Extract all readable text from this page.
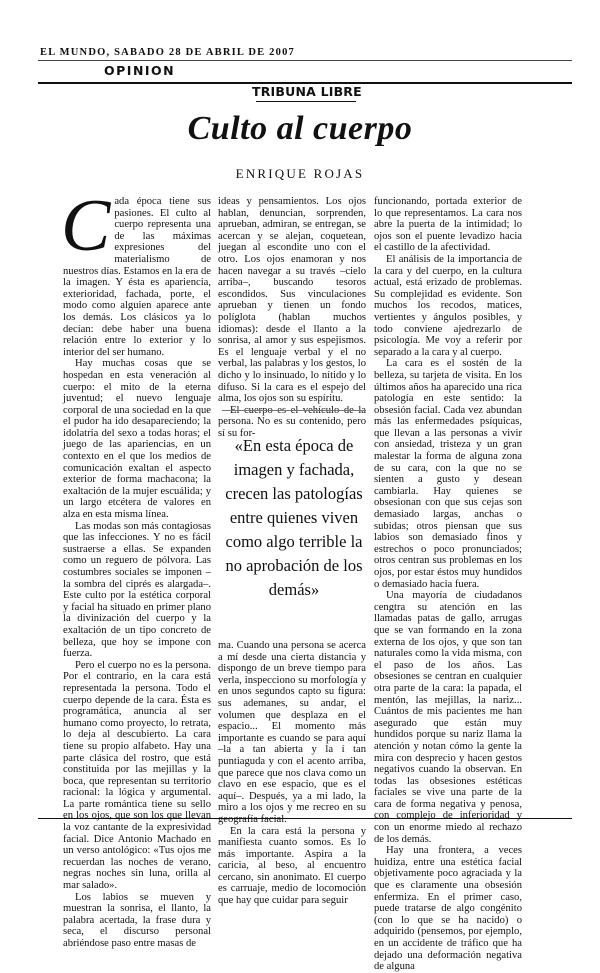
EL MUNDO, SABADO 28 DE ABRIL DE 2007
OPINION
TRIBUNA LIBRE
Culto al cuerpo
ENRIQUE ROJAS

Cada época tiene sus pasiones. El culto al cuerpo representa una de las máximas expresiones del materialismo de nuestros días. Estamos en la era de la imagen. Y ésta es apariencia, exterioridad, fachada, porte, el modo como alguien aparece ante los demás. Los clásicos ya lo decían: debe haber una buena relación entre lo exterior y lo interior del ser humano.

Hay muchas cosas que se hospedan en esta veneración al cuerpo: el mito de la eterna juventud; el nuevo lenguaje corporal de una sociedad en la que el pudor ha ido desapareciendo; la idolatría del sexo a todas horas; el juego de las apariencias, en un contexto en el que los medios de comunicación exaltan el aspecto exterior de forma machacona; la exaltación de la mujer escuálida; y un largo etcétera de valores en alza en esta misma línea.

Las modas son más contagiosas que las infecciones. Y no es fácil sustraerse a ellas. Se expanden como un reguero de pólvora. Las costumbres sociales se imponen –la sombra del ciprés es alargada–. Este culto por la estética corporal y facial ha situado en primer plano la divinización del cuerpo y la exaltación de un tipo concreto de belleza, que hoy se impone con fuerza.

Pero el cuerpo no es la persona. Por el contrario, en la cara está representada la persona. Todo el cuerpo depende de la cara. Ésta es programática, anuncia al ser humano como proyecto, lo retrata, lo deja al descubierto. La cara tiene su propio alfabeto. Hay una parte clásica del rostro, que está constituida por las mejillas y la boca, que representan su territorio racional: la lógica y argumental. La parte romántica tiene su sello en los ojos, que son los que llevan la voz cantante de la expresividad facial. Dice Antonio Machado en un verso antológico: «Tus ojos me recuerdan las noches de verano, negras noches sin luna, orilla al mar salado».

Los labios se mueven y muestran la sonrisa, el llanto, la palabra acertada, la frase dura y seca, el discurso personal abriéndose paso entre masas de

ideas y pensamientos. Los ojos hablan, denuncian, sorprenden, aprueban, admiran, se entregan, se acercan y se alejan, coquetean, juegan al escondite uno con el otro. Los ojos enamoran y nos hacen navegar a su través –cielo arriba–, buscando tesoros escondidos. Sus vinculaciones aprueban y tienen un fondo políglota (hablan muchos idiomas): desde el llanto a la sonrisa, al amor y sus espejismos. Es el lenguaje verbal y el no verbal, las palabras y los gestos, lo dicho y lo insinuado, lo nítido y lo difuso. Si la cara es el espejo del alma, los ojos son su espíritu.

El cuerpo es el vehículo de la persona. No es su contenido, pero sí su for-

«En esta época de imagen y fachada, crecen las patologías entre quienes viven como algo terrible la no aprobación de los demás»

ma. Cuando una persona se acerca a mí desde una cierta distancia y dispongo de un breve tiempo para verla, inspecciono su morfología y en unos segundos capto su figura: sus ademanes, su andar, el volumen que desplaza en el espacio... El momento más importante es cuando se para aquí –la a tan abierta y la í tan puntiaguda y con el acento arriba, que parece que nos clava como un clavo en ese espacio, que es el aquí–. Después, ya a mi lado, la miro a los ojos y me recreo en su geografía facial.

En la cara está la persona y manifiesta cuanto somos. Es lo más importante. Aspira a la caricia, al beso, al encuentro cercano, sin anonimato. El cuerpo es carruaje, medio de locomoción que hay que cuidar para seguir

funcionando, portada exterior de lo que representamos. La cara nos abre la puerta de la intimidad; lo ojos son el puente levadizo hacia el castillo de la afectividad.

El análisis de la importancia de la cara y del cuerpo, en la cultura actual, está erizado de problemas. Su complejidad es evidente. Son muchos los recodos, matices, vertientes y ángulos posibles, y todo conviene ajedrezarlo de psicología. Me voy a referir por separado a la cara y al cuerpo.

La cara es el sostén de la belleza, su tarjeta de visita. En los últimos años ha aparecido una rica patología en este sentido: la obsesión facial. Cada vez abundan más las enfermedades psíquicas, que llevan a las personas a vivir con ansiedad, tristeza y un gran malestar la forma de alguna zona de su cara, con la que no se sienten a gusto y desean cambiarla. Hay quienes se obsesionan con que sus cejas son demasiado largas, anchas o subidas; otros piensan que sus labios son demasiado finos y estrechos o poco pronunciados; otros centran sus problemas en los ojos, por estar éstos muy hundidos o demasiado hacia fuera.

Una mayoría de ciudadanos cengtra su atención en las llamadas patas de gallo, arrugas que se van formando en la zona externa de los ojos, y que son tan naturales como la vida misma, con el paso de los años. Las obsesiones se centran en cualquier otra parte de la cara: la papada, el mentón, las mejillas, la nariz... Cuántos de mis pacientes me han asegurado que están muy hundidos porque su nariz llama la atención y notan cómo la gente la mira con desprecio y hacen gestos negativos cuando la observan. En todas las obsesiones estéticas faciales se vive una parte de la cara de forma negativa y penosa, con complejo de inferioridad y con un enorme miedo al rechazo de los demás.

Hay una frontera, a veces huidiza, entre una estética facial objetivamente poco agraciada y la que es claramente una obsesión enfermiza. En el primer caso, puede tratarse de algo congénito (con lo que se ha nacido) o adquirido (pensemos, por ejemplo, en un accidente de tráfico que ha dejado una deformación negativa de alguna
